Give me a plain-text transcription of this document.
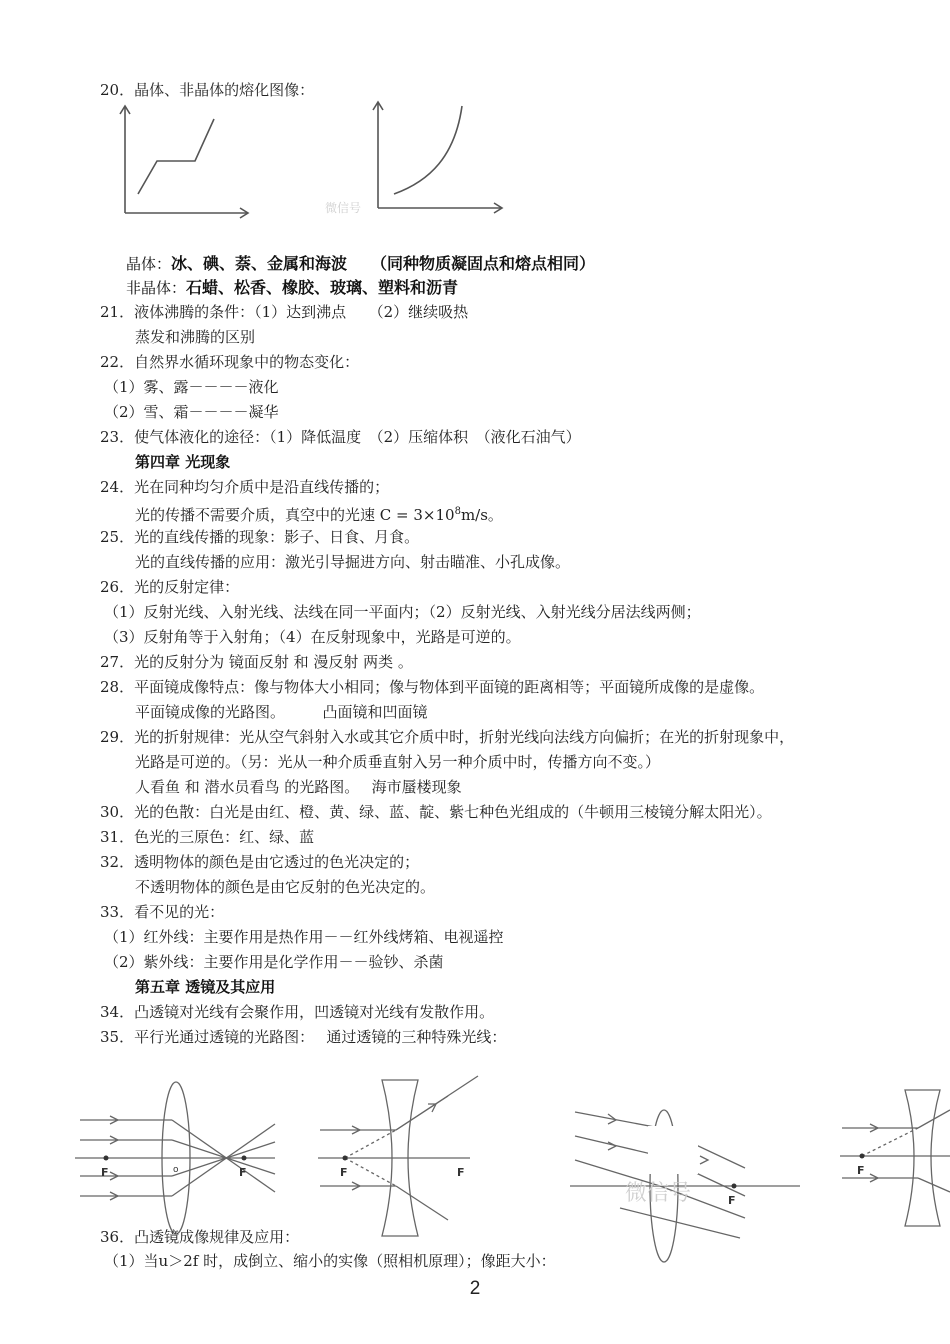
20．晶体、非晶体的熔化图像：
微信号
晶体：冰、碘、萘、金属和海波　　（同种物质凝固点和熔点相同）
非晶体：石蜡、松香、橡胶、玻璃、塑料和沥青
21．液体沸腾的条件：（1）达到沸点　　（2）继续吸热
蒸发和沸腾的区别
22．自然界水循环现象中的物态变化：
（1）雾、露－－－－液化
（2）雪、霜－－－－凝华
23．使气体液化的途径：（1）降低温度　（2）压缩体积　（液化石油气）
第四章 光现象
24．光在同种均匀介质中是沿直线传播的；
光的传播不需要介质，真空中的光速 $C = 3\times 10^8m/s$。
25．光的直线传播的现象：影子、日食、月食。
光的直线传播的应用：激光引导掘进方向、射击瞄准、小孔成像。
26．光的反射定律：
（1）反射光线、入射光线、法线在同一平面内；（2）反射光线、入射光线分居法线两侧；
（3）反射角等于入射角；（4）在反射现象中，光路是可逆的。
27．光的反射分为 镜面反射 和 漫反射 两类 。
28．平面镜成像特点：像与物体大小相同；像与物体到平面镜的距离相等；平面镜所成像的是虚像。
平面镜成像的光路图。　　　凸面镜和凹面镜
29．光的折射规律：光从空气斜射入水或其它介质中时，折射光线向法线方向偏折；在光的折射现象中，
光路是可逆的。（另：光从一种介质垂直射入另一种介质中时，传播方向不变。）
人看鱼 和 潜水员看鸟 的光路图。　 海市蜃楼现象
30．光的色散：白光是由红、橙、黄、绿、蓝、靛、紫七种色光组成的（牛顿用三棱镜分解太阳光）。
31．色光的三原色：红、绿、蓝
32．透明物体的颜色是由它透过的色光决定的；
不透明物体的颜色是由它反射的色光决定的。
33．看不见的光：
（1）红外线：主要作用是热作用－－红外线烤箱、电视遥控
（2）紫外线：主要作用是化学作用－－验钞、杀菌
第五章 透镜及其应用
34．凸透镜对光线有会聚作用，凹透镜对光线有发散作用。
35．平行光通过透镜的光路图：　 通过透镜的三种特殊光线：
F	F
o	F	F
F
F
微信号
36．凸透镜成像规律及应用：
（1）当u＞2f 时，成倒立、缩小的实像（照相机原理）；像距大小：
2
